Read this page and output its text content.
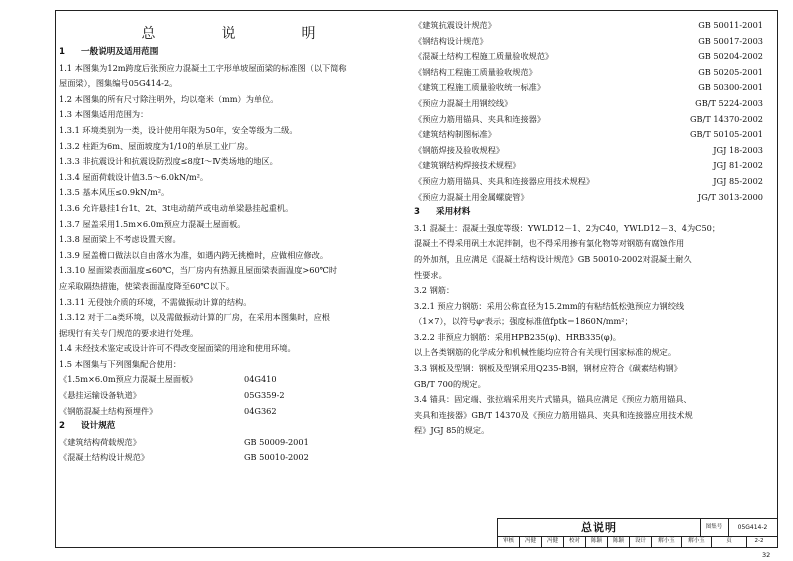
总　说　明
1 一般说明及适用范围
1.1 本图集为12m跨度后张预应力混凝土工字形单坡屋面梁的标准图（以下简称
屋面梁），图集编号05G414-2。
1.2 本图集的所有尺寸除注明外，均以毫米（mm）为单位。
1.3 本图集适用范围为：
1.3.1 环境类别为一类，设计使用年限为50年，安全等级为二级。
1.3.2 柱距为6m、屋面坡度为1/10的单层工业厂房。
1.3.3 非抗震设计和抗震设防烈度≤8度Ⅰ～Ⅳ类场地的地区。
1.3.4 屋面荷载设计值3.5～6.0kN/m²。
1.3.5 基本风压≤0.9kN/m²。
1.3.6 允许悬挂1台1t、2t、3t电动葫芦或电动单梁悬挂起重机。
1.3.7 屋盖采用1.5m×6.0m预应力混凝土屋面板。
1.3.8 屋面梁上不考虑设置天窗。
1.3.9 屋盖檐口做法以自由落水为准，如遇内跨无挑檐时，应做相应修改。
1.3.10 屋面梁表面温度≤60℃，当厂房内有热源且屋面梁表面温度>60℃时
应采取隔热措施，使梁表面温度降至60℃以下。
1.3.11 无侵蚀介质的环境，不需做振动计算的结构。
1.3.12 对于二a类环境，以及需做振动计算的厂房，在采用本图集时，应根
据现行有关专门规范的要求进行处理。
1.4 未经技术鉴定或设计许可不得改变屋面梁的用途和使用环境。
1.5 本图集与下列图集配合使用：
《1.5m×6.0m预应力混凝土屋面板》	04G410
《悬挂运输设备轨道》	05G359-2
《钢筋混凝土结构预埋件》	04G362
2 设计规范
《建筑结构荷载规范》	GB 50009-2001
《混凝土结构设计规范》	GB 50010-2002
《建筑抗震设计规范》	GB 50011-2001
《钢结构设计规范》	GB 50017-2003
《混凝土结构工程施工质量验收规范》	GB 50204-2002
《钢结构工程施工质量验收规范》	GB 50205-2001
《建筑工程施工质量验收统一标准》	GB 50300-2001
《预应力混凝土用钢绞线》	GB/T 5224-2003
《预应力筋用锚具、夹具和连接器》	GB/T 14370-2002
《建筑结构制图标准》	GB/T 50105-2001
《钢筋焊接及验收规程》	JGJ 18-2003
《建筑钢结构焊接技术规程》	JGJ 81-2002
《预应力筋用锚具、夹具和连接器应用技术规程》	JGJ 85-2002
《预应力混凝土用金属螺旋管》	JG/T 3013-2000
3 采用材料
3.1 混凝土：混凝土强度等级：YWLD12－1、2为C40，YWLD12－3、4为C50；
混凝土不得采用矾土水泥拌制，也不得采用掺有氯化物等对钢筋有腐蚀作用
的外加剂，且应满足《混凝土结构设计规范》GB 50010-2002对混凝土耐久
性要求。
3.2 钢筋：
3.2.1 预应力钢筋：采用公称直径为15.2mm的有粘结低松弛预应力钢绞线
（1×7），以符号φˢ表示；强度标准值fptk＝1860N/mm²；
3.2.2 非预应力钢筋：采用HPB235(φ)、HRB335(φ)。
以上各类钢筋的化学成分和机械性能均应符合有关现行国家标准的规定。
3.3 钢板及型钢：钢板及型钢采用Q235-B钢，钢材应符合《碳素结构钢》
GB/T 700的规定。
3.4 锚具：固定端、张拉端采用夹片式锚具，锚具应满足《预应力筋用锚具、
夹具和连接器》GB/T 14370及《预应力筋用锚具、夹具和连接器应用技术规
程》JGJ 85的规定。
总说明	图集号	05G414-2
审核	冯健	冯健	校对	陈颖	陈颖	设计	解小玉	解小玉	页	2-2
32
